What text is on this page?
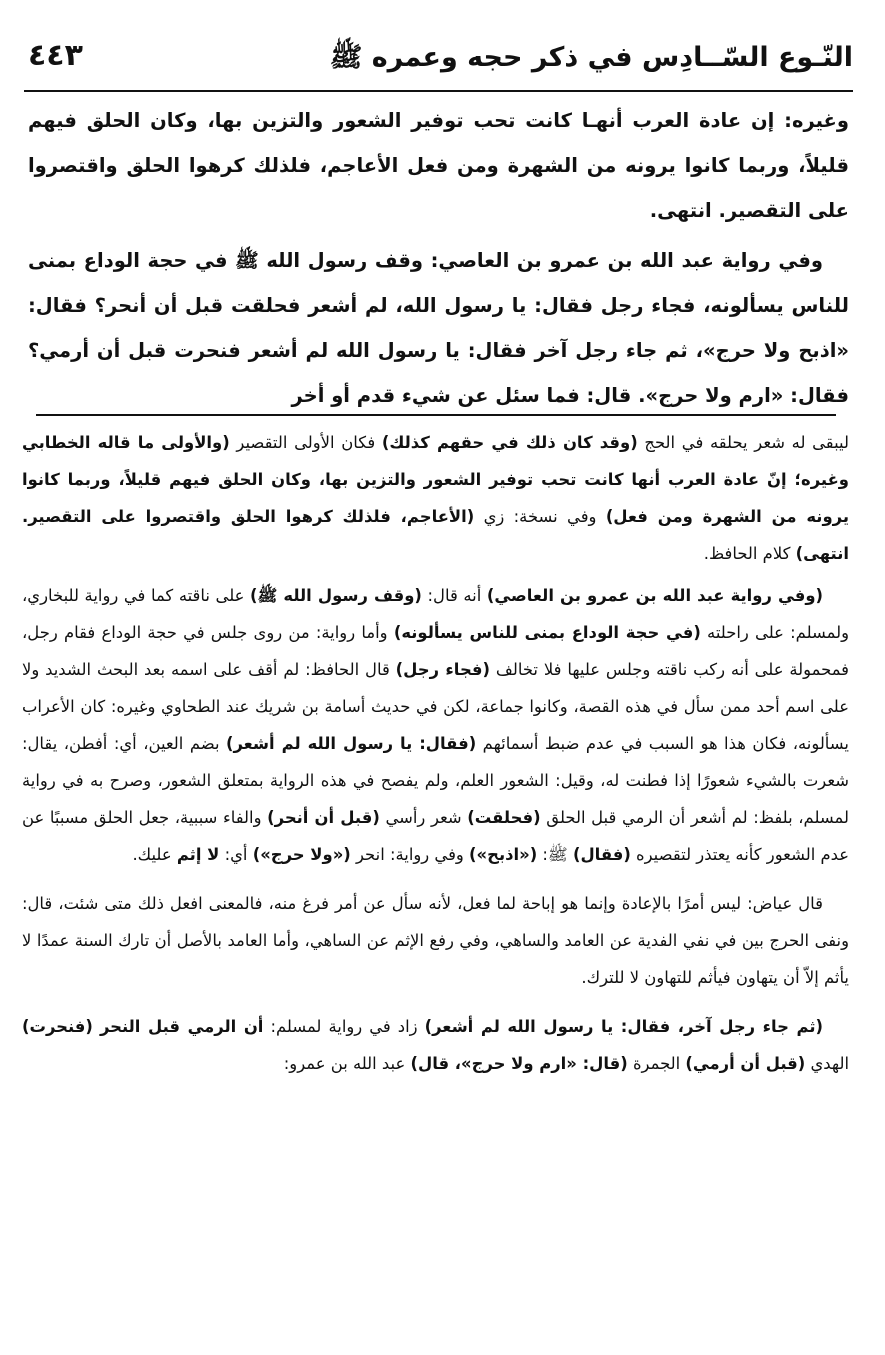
النّـوع السّــادِس في ذكر حجه وعمره ﷺ
٤٤٣

وغيره: إن عادة العرب أنهـا كانت تحب توفير الشعور والتزين بها، وكان الحلق فيهم قليلاً، وربما كانوا يرونه من الشهرة ومن فعل الأعاجم، فلذلك كرهوا الحلق واقتصروا على التقصير. انتهى.

وفي رواية عبد الله بن عمرو بن العاصي: وقف رسول الله ﷺ في حجة الوداع بمنى للناس يسألونه، فجاء رجل فقال: يا رسول الله، لم أشعر فحلقت قبل أن أنحر؟ فقال: «اذبح ولا حرج»، ثم جاء رجل آخر فقال: يا رسول الله لم أشعر فنحرت قبل أن أرمي؟ فقال: «ارم ولا حرج». قال: فما سئل عن شيء قدم أو أخر

ليبقى له شعر يحلقه في الحج (وقد كان ذلك في حقهم كذلك) فكان الأولى التقصير (والأولى ما قاله الخطابي وغيره؛ إنّ عادة العرب أنها كانت تحب توفير الشعور والتزين بها، وكان الحلق فيهم قليلاً، وربما كانوا يرونه من الشهرة ومن فعل) وفي نسخة: زي (الأعاجم، فلذلك كرهوا الحلق واقتصروا على التقصير. انتهى) كلام الحافظ.

(وفي رواية عبد الله بن عمرو بن العاصي) أنه قال: (وقف رسول الله ﷺ) على ناقته كما في رواية للبخاري، ولمسلم: على راحلته (في حجة الوداع بمنى للناس يسألونه) وأما رواية: من روى جلس في حجة الوداع فقام رجل، فمحمولة على أنه ركب ناقته وجلس عليها فلا تخالف (فجاء رجل) قال الحافظ: لم أقف على اسمه بعد البحث الشديد ولا على اسم أحد ممن سأل في هذه القصة، وكانوا جماعة، لكن في حديث أسامة بن شريك عند الطحاوي وغيره: كان الأعراب يسألونه، فكان هذا هو السبب في عدم ضبط أسمائهم (فقال: يا رسول الله لم أشعر) بضم العين، أي: أفطن، يقال: شعرت بالشيء شعورًا إذا فطنت له، وقيل: الشعور العلم، ولم يفصح في هذه الرواية بمتعلق الشعور، وصرح به في رواية لمسلم، بلفظ: لم أشعر أن الرمي قبل الحلق (فحلقت) شعر رأسي (قبل أن أنحر) والفاء سببية، جعل الحلق مسببًا عن عدم الشعور كأنه يعتذر لتقصيره (فقال) ﷺ: («اذبح») وفي رواية: انحر («ولا حرج») أي: لا إثم عليك.

قال عياض: ليس أمرًا بالإعادة وإنما هو إباحة لما فعل، لأنه سأل عن أمر فرغ منه، فالمعنى افعل ذلك متى شئت، قال: ونفى الحرج بين في نفي الفدية عن العامد والساهي، وفي رفع الإثم عن الساهي، وأما العامد بالأصل أن تارك السنة عمدًا لا يأثم إلاّ أن يتهاون فيأثم للتهاون لا للترك.

(ثم جاء رجل آخر، فقال: يا رسول الله لم أشعر) زاد في رواية لمسلم: أن الرمي قبل النحر (فنحرت) الهدي (قبل أن أرمي) الجمرة (قال: «ارم ولا حرج»، قال) عبد الله بن عمرو:
